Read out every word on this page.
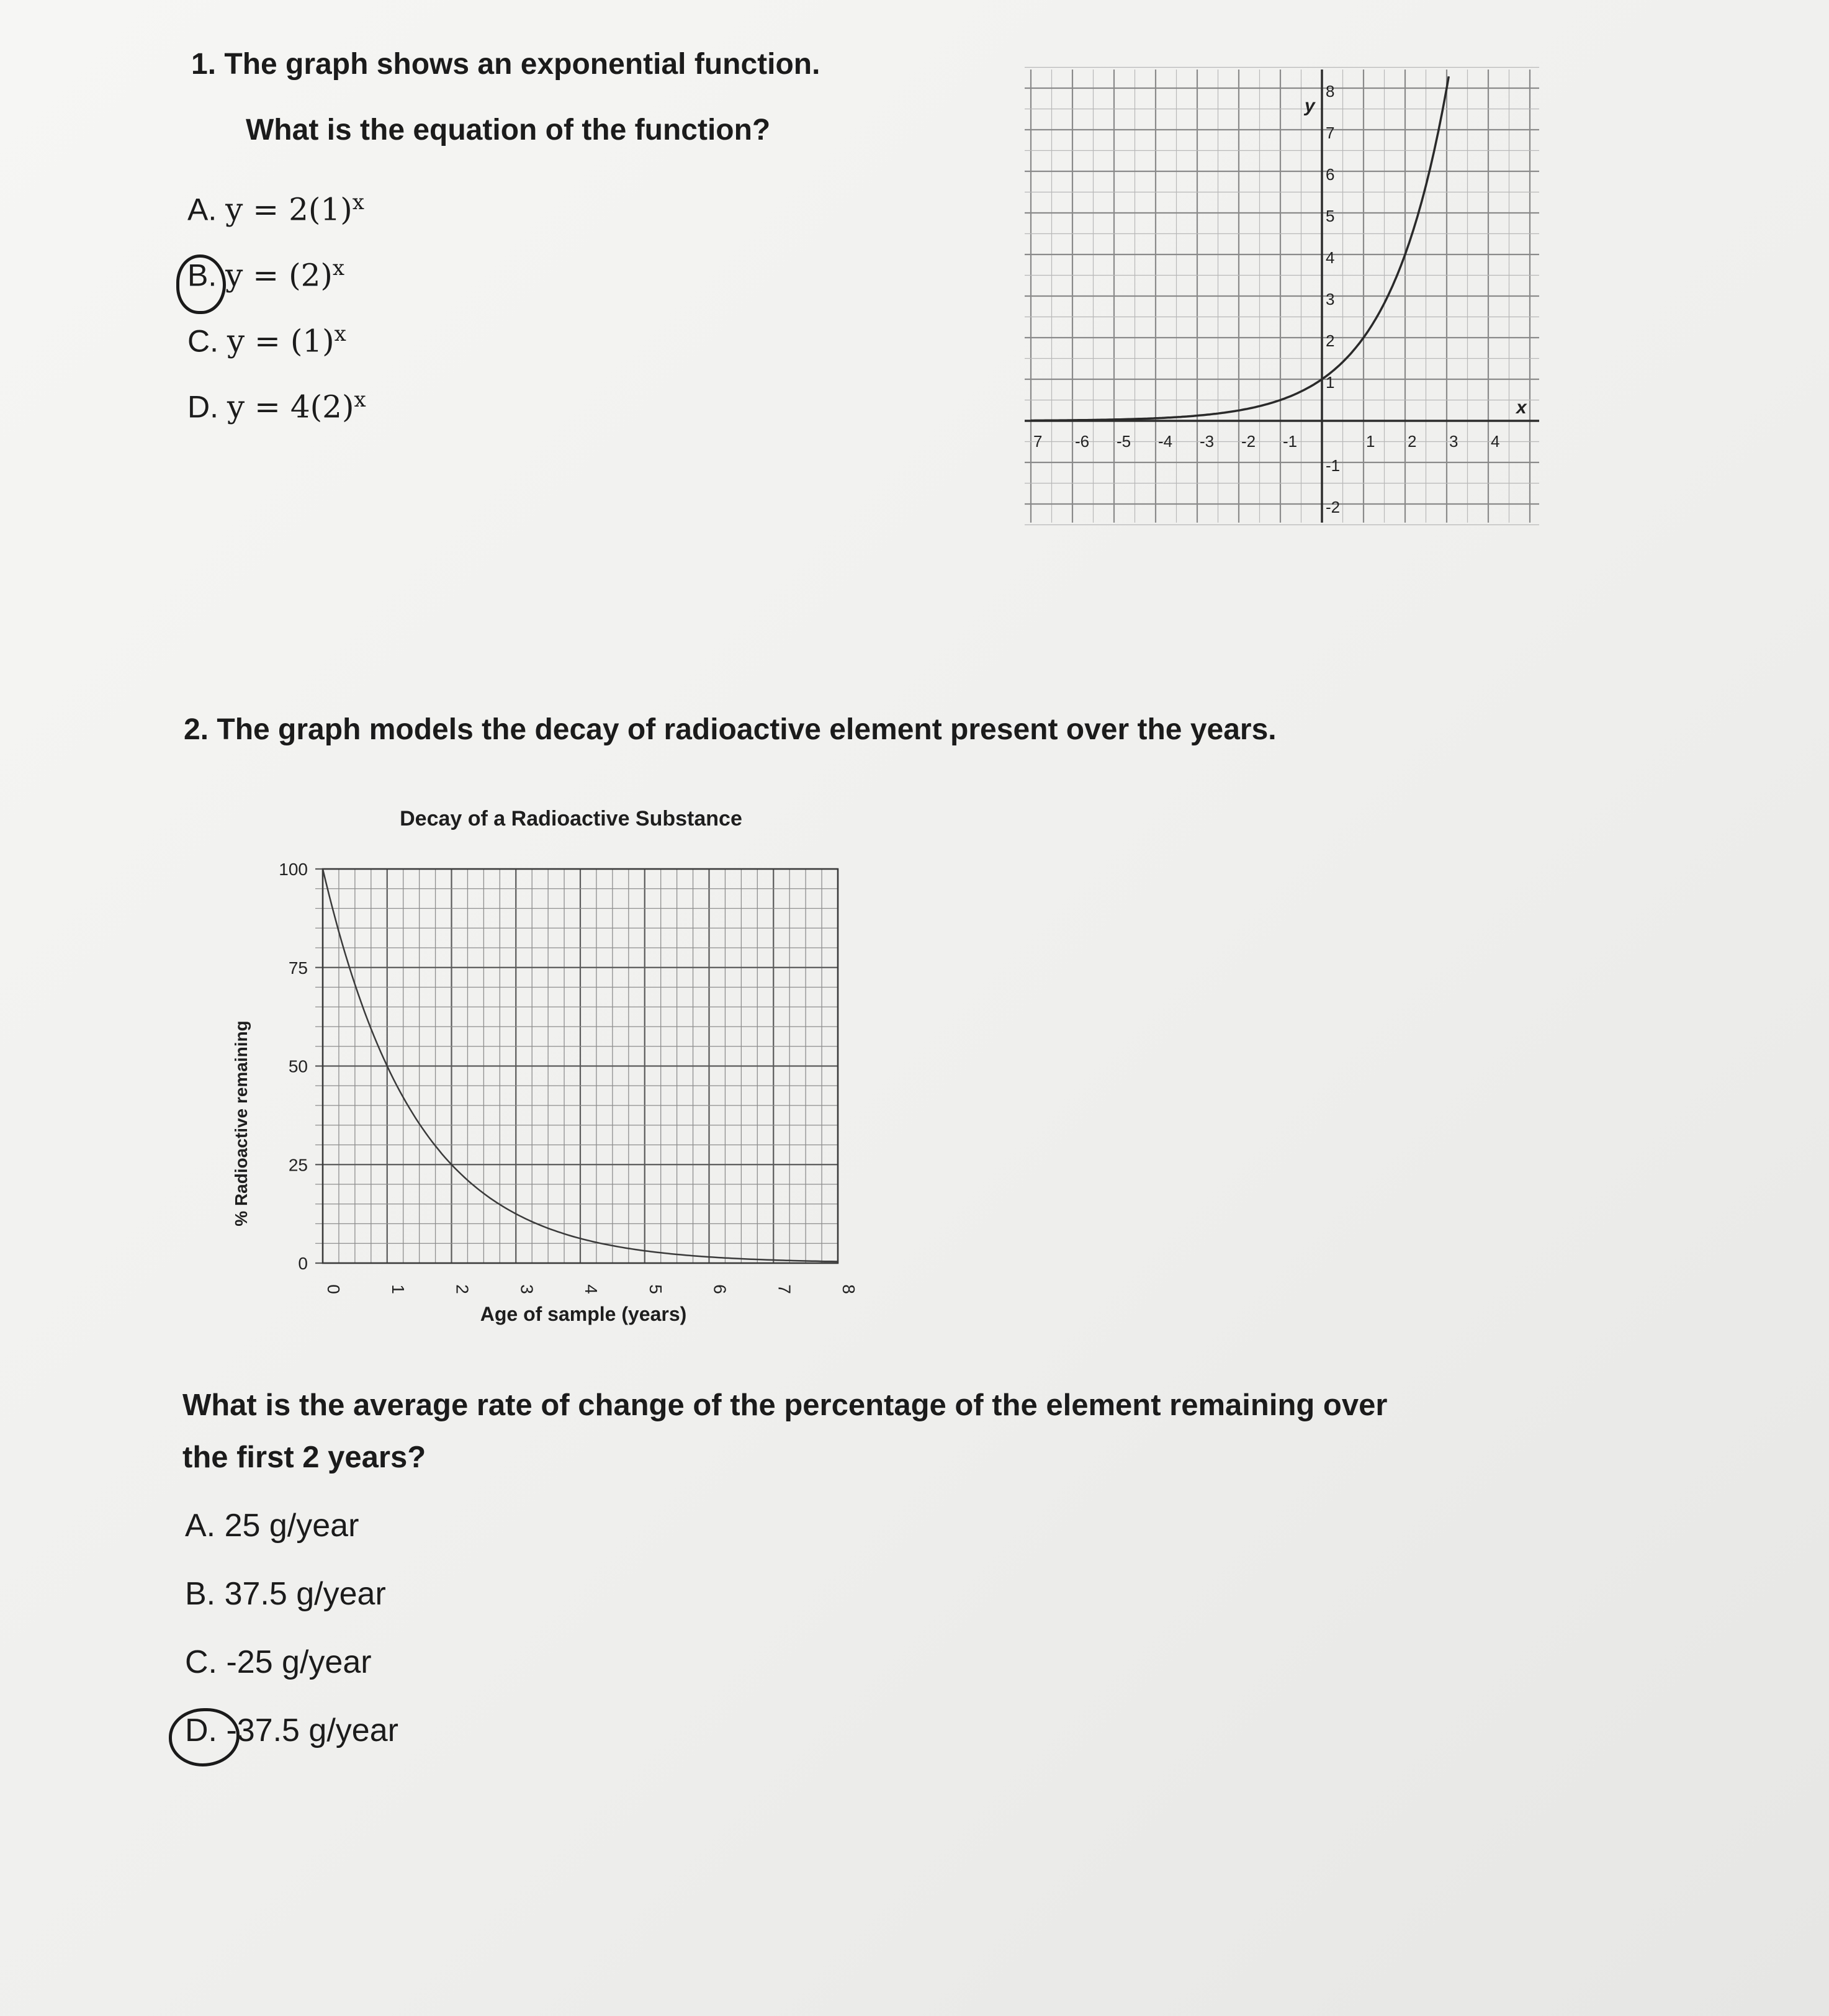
1. The graph shows an exponential function.
What is the equation of the function?
A. $y = 2(1)^x$
B. $y = (2)^x$
C. $y = (1)^x$
D. $y = 4(2)^x$
7 -6 -5 -4 -3 -2 -1	1 2 3 4
8
7
6
5
4
3
2
1
-1
-2
y
x
2. The graph models the decay of radioactive element present over the years.
Decay of a Radioactive Substance
0	1	2	3	4	5	6	7	8
100
75
50
25
0
Age of sample (years)
% Radioactive remaining
What is the average rate of change of the percentage of the element remaining over
the first 2 years?
A. 25 g/year
B. 37.5 g/year
C. -25 g/year
D. -37.5 g/year
